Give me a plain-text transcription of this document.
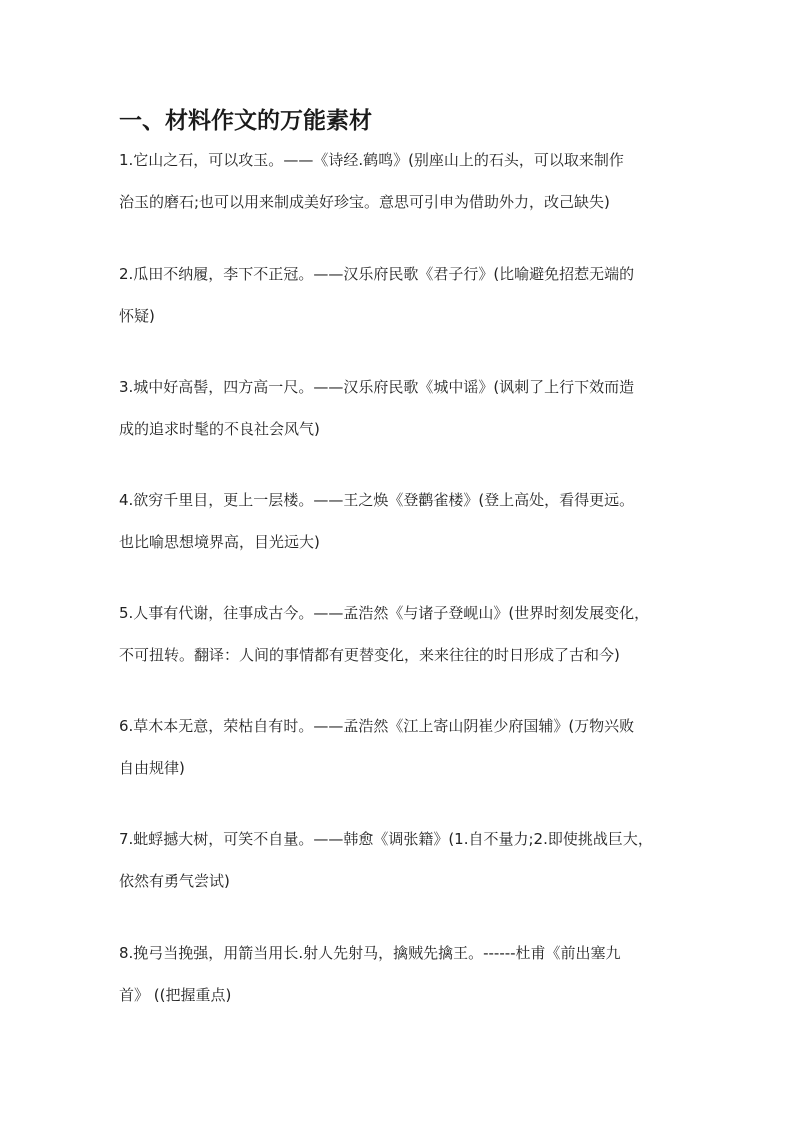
一、材料作文的万能素材
1.它山之石，可以攻玉。——《诗经.鹤鸣》(别座山上的石头，可以取来制作
治玉的磨石;也可以用来制成美好珍宝。意思可引申为借助外力，改己缺失)
2.瓜田不纳履，李下不正冠。——汉乐府民歌《君子行》(比喻避免招惹无端的
怀疑)
3.城中好高髻，四方高一尺。——汉乐府民歌《城中谣》(讽刺了上行下效而造
成的追求时髦的不良社会风气)
4.欲穷千里目，更上一层楼。——王之焕《登鹳雀楼》(登上高处，看得更远。
也比喻思想境界高，目光远大)
5.人事有代谢，往事成古今。——孟浩然《与诸子登岘山》(世界时刻发展变化，
不可扭转。翻译：人间的事情都有更替变化，来来往往的时日形成了古和今)
6.草木本无意，荣枯自有时。——孟浩然《江上寄山阴崔少府国辅》(万物兴败
自由规律)
7.蚍蜉撼大树，可笑不自量。——韩愈《调张籍》(1.自不量力;2.即使挑战巨大，
依然有勇气尝试)
8.挽弓当挽强，用箭当用长.射人先射马，擒贼先擒王。------杜甫《前出塞九
首》 ((把握重点)
